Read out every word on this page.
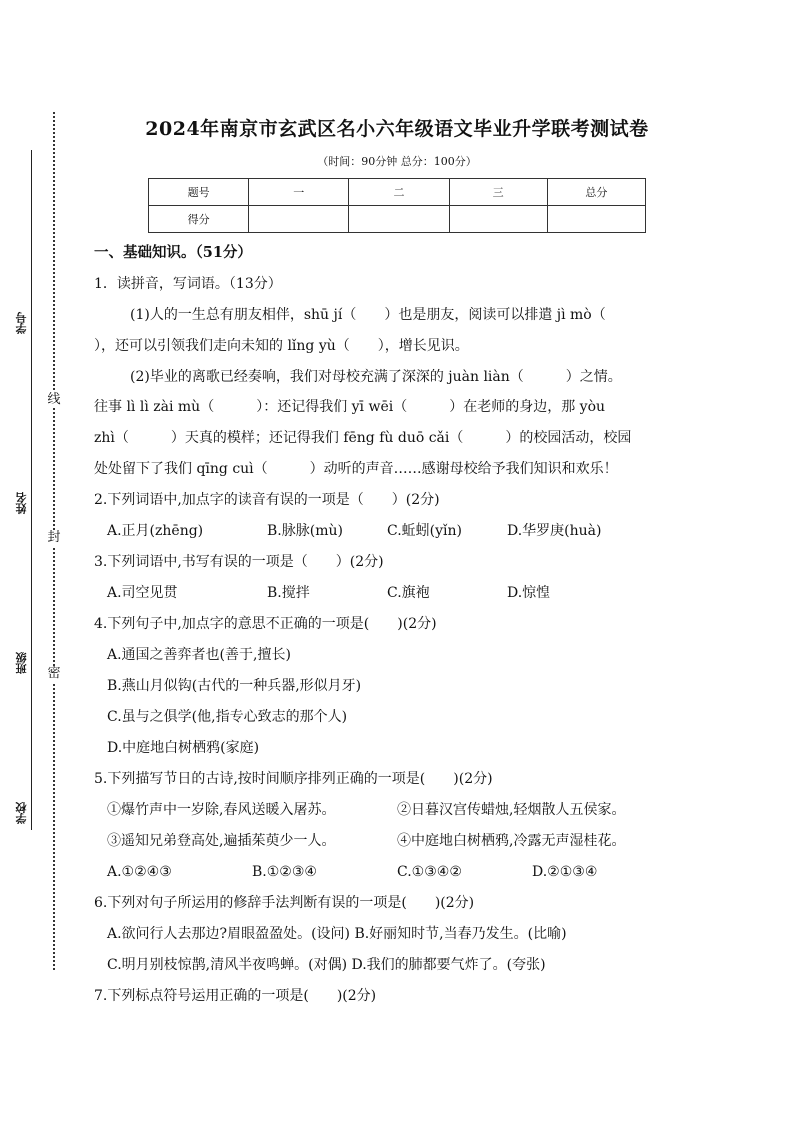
线
封
密
学号
姓名
班级
学校
2024年南京市玄武区名小六年级语文毕业升学联考测试卷
（时间：90分钟 总分：100分）
题号	一	二	三	总分
得分				
一、基础知识。（51分）
1．读拼音，写词语。（13分）
(1)人的一生总有朋友相伴，shū jí（　　）也是朋友，阅读可以排遣 jì mò（
），还可以引领我们走向未知的 lǐng yù（　　），增长见识。
(2)毕业的离歌已经奏响，我们对母校充满了深深的 juàn liàn（　　　）之情。
往事 lì lì zài mù（　　　）：还记得我们 yī wēi（　　　）在老师的身边，那 yòu
zhì（　　　）天真的模样；还记得我们 fēng fù duō cǎi（　　　）的校园活动，校园
处处留下了我们 qīng cuì（　　　）动听的声音……感谢母校给予我们知识和欢乐！
2.下列词语中,加点字的读音有误的一项是（　　）(2分)
A.正月(zhēng)	B.脉脉(mù)	C.蚯蚓(yǐn)	D.华罗庚(huà)
3.下列词语中,书写有误的一项是（　　）(2分)
A.司空见贯	B.搅拌	C.旗袍	D.惊惶
4.下列句子中,加点字的意思不正确的一项是(　　)(2分)
A.通国之善弈者也(善于,擅长)
B.燕山月似钩(古代的一种兵器,形似月牙)
C.虽与之俱学(他,指专心致志的那个人)
D.中庭地白树栖鸦(家庭)
5.下列描写节日的古诗,按时间顺序排列正确的一项是(　　)(2分)
①爆竹声中一岁除,春风送暖入屠苏。	②日暮汉宫传蜡烛,轻烟散人五侯家。
③遥知兄弟登高处,遍插茱萸少一人。	④中庭地白树栖鸦,冷露无声湿桂花。
A.①②④③	B.①②③④	C.①③④②	D.②①③④
6.下列对句子所运用的修辞手法判断有误的一项是(　　)(2分)
A.欲问行人去那边?眉眼盈盈处。(设问) B.好丽知时节,当春乃发生。(比喻)
C.明月别枝惊鹊,清风半夜鸣蝉。(对偶) D.我们的肺都要气炸了。(夸张)
7.下列标点符号运用正确的一项是(　　)(2分)
